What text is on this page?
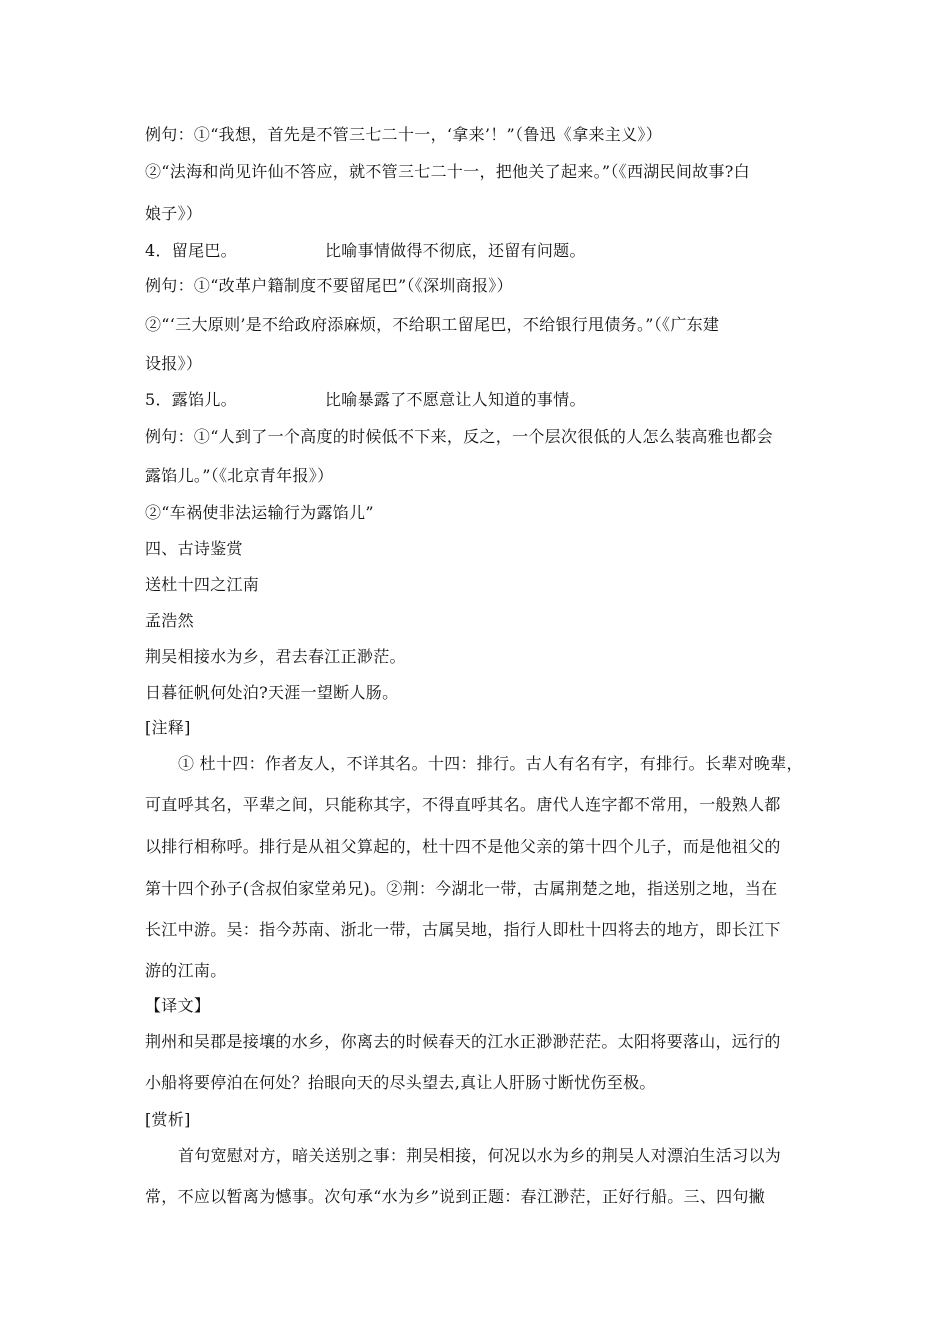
例句：①“我想，首先是不管三七二十一，‘拿来’！”（鲁迅《拿来主义》）
②“法海和尚见许仙不答应，就不管三七二十一，把他关了起来。”（《西湖民间故事?白
娘子》）
4．留尾巴。	比喻事情做得不彻底，还留有问题。
例句：①“改革户籍制度不要留尾巴”（《深圳商报》）
②“‘三大原则’是不给政府添麻烦，不给职工留尾巴，不给银行甩债务。”（《广东建
设报》）
5．露馅儿。	比喻暴露了不愿意让人知道的事情。
例句：①“人到了一个高度的时候低不下来，反之，一个层次很低的人怎么装高雅也都会
露馅儿。”（《北京青年报》）
②“车祸使非法运输行为露馅儿”
四、古诗鉴赏
送杜十四之江南
孟浩然
荆吴相接水为乡，君去春江正渺茫。
日暮征帆何处泊?天涯一望断人肠。
[注释]
① 杜十四：作者友人，不详其名。十四：排行。古人有名有字，有排行。长辈对晚辈，
可直呼其名，平辈之间，只能称其字，不得直呼其名。唐代人连字都不常用，一般熟人都
以排行相称呼。排行是从祖父算起的，杜十四不是他父亲的第十四个儿子，而是他祖父的
第十四个孙子(含叔伯家堂弟兄)。②荆：今湖北一带，古属荆楚之地，指送别之地，当在
长江中游。吴：指今苏南、浙北一带，古属吴地，指行人即杜十四将去的地方，即长江下
游的江南。
【译文】
荆州和吴郡是接壤的水乡，你离去的时候春天的江水正渺渺茫茫。太阳将要落山，远行的
小船将要停泊在何处？抬眼向天的尽头望去,真让人肝肠寸断忧伤至极。
[赏析]
首句宽慰对方，暗关送别之事：荆吴相接，何况以水为乡的荆吴人对漂泊生活习以为
常，不应以暂离为憾事。次句承“水为乡”说到正题：春江渺茫，正好行船。三、四句撇
